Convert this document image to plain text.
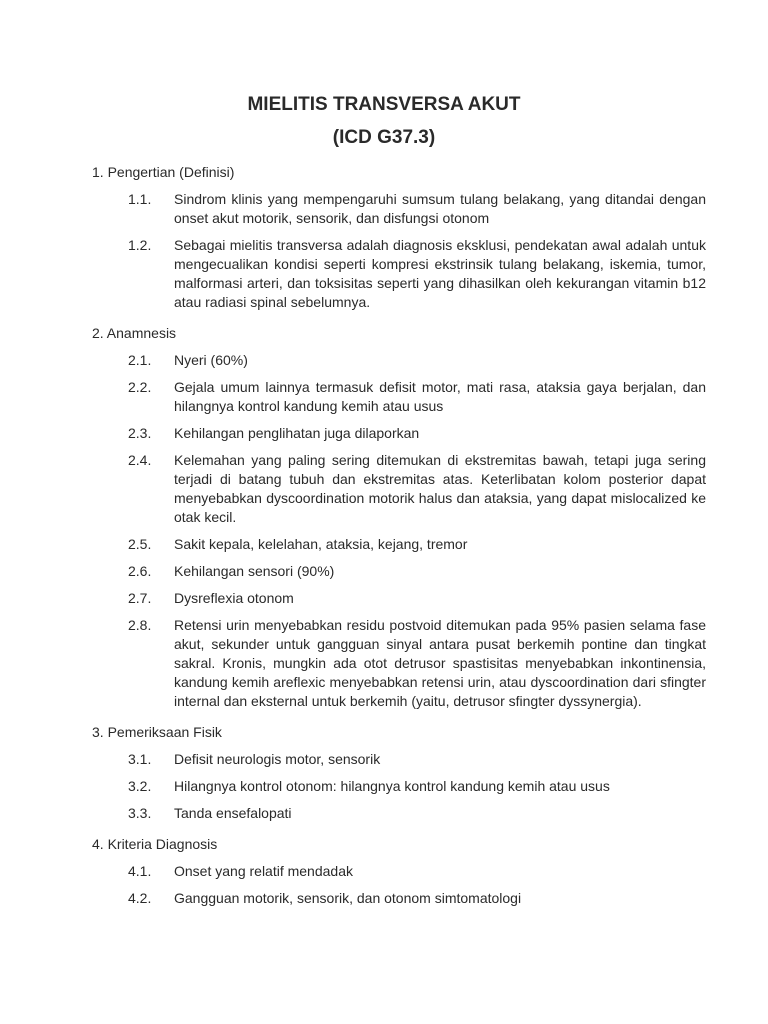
MIELITIS TRANSVERSA AKUT
(ICD G37.3)
1. Pengertian (Definisi)
1.1.	Sindrom klinis yang mempengaruhi sumsum tulang belakang, yang ditandai dengan onset akut motorik, sensorik, dan disfungsi otonom
1.2.	Sebagai mielitis transversa adalah diagnosis eksklusi, pendekatan awal adalah untuk mengecualikan kondisi seperti kompresi ekstrinsik tulang belakang, iskemia, tumor, malformasi arteri, dan toksisitas seperti yang dihasilkan oleh kekurangan vitamin b12 atau radiasi spinal sebelumnya.
2. Anamnesis
2.1.	Nyeri (60%)
2.2.	Gejala umum lainnya termasuk defisit motor, mati rasa, ataksia gaya berjalan, dan hilangnya kontrol kandung kemih atau usus
2.3.	Kehilangan penglihatan juga dilaporkan
2.4.	Kelemahan yang paling sering ditemukan di ekstremitas bawah, tetapi juga sering terjadi di batang tubuh dan ekstremitas atas. Keterlibatan kolom posterior dapat menyebabkan dyscoordination motorik halus dan ataksia, yang dapat mislocalized ke otak kecil.
2.5.	Sakit kepala, kelelahan, ataksia, kejang, tremor
2.6.	Kehilangan sensori (90%)
2.7.	Dysreflexia otonom
2.8.	Retensi urin menyebabkan residu postvoid ditemukan pada 95% pasien selama fase akut, sekunder untuk gangguan sinyal antara pusat berkemih pontine dan tingkat sakral. Kronis, mungkin ada otot detrusor spastisitas menyebabkan inkontinensia, kandung kemih areflexic menyebabkan retensi urin, atau dyscoordination dari sfingter internal dan eksternal untuk berkemih (yaitu, detrusor sfingter dyssynergia).
3. Pemeriksaan Fisik
3.1.	Defisit neurologis motor, sensorik
3.2.	Hilangnya kontrol otonom: hilangnya kontrol kandung kemih atau usus
3.3.	Tanda ensefalopati
4. Kriteria Diagnosis
4.1.	Onset yang relatif mendadak
4.2.	Gangguan motorik, sensorik, dan otonom simtomatologi
